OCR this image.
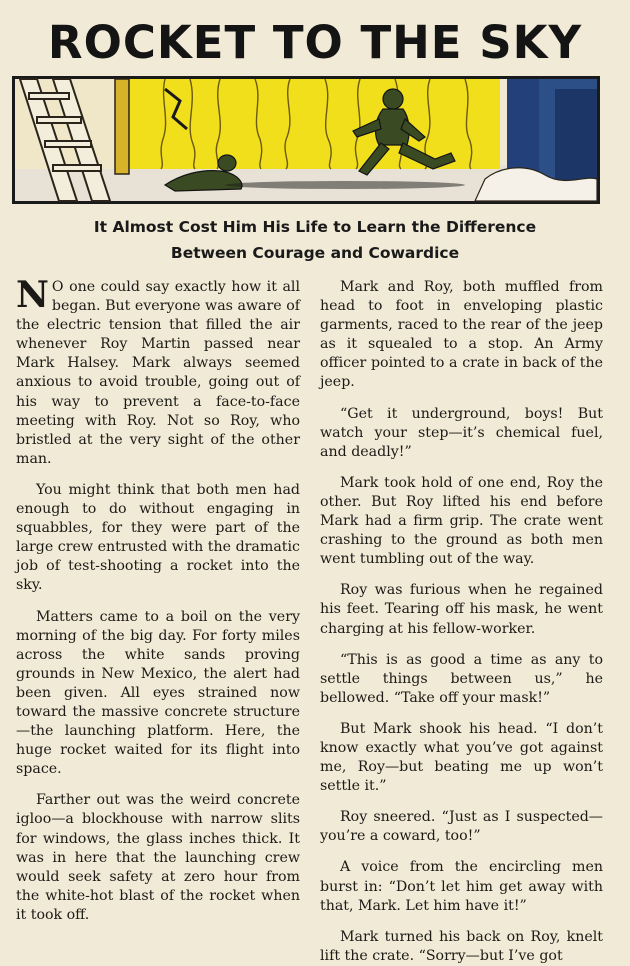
ROCKET TO THE SKY
It Almost Cost Him His Life to Learn the Difference
Between Courage and Cowardice

N O one could say exactly how it all began. But everyone was aware of the electric tension that filled the air whenever Roy Martin passed near Mark Halsey. Mark always seemed anxious to avoid trouble, going out of his way to prevent a face-to-face meeting with Roy. Not so Roy, who bristled at the very sight of the other man.

You might think that both men had enough to do without engaging in squabbles, for they were part of the large crew entrusted with the dramatic job of test-shooting a rocket into the sky.

Matters came to a boil on the very morning of the big day. For forty miles across the white sands proving grounds in New Mexico, the alert had been given. All eyes strained now toward the massive concrete structure—the launching platform. Here, the huge rocket waited for its flight into space.

Farther out was the weird concrete igloo—a blockhouse with narrow slits for windows, the glass inches thick. It was in here that the launching crew would seek safety at zero hour from the white-hot blast of the rocket when it took off.

Mark and Roy, both muffled from head to foot in enveloping plastic garments, raced to the rear of the jeep as it squealed to a stop. An Army officer pointed to a crate in back of the jeep.

“Get it underground, boys! But watch your step—it’s chemical fuel, and deadly!”

Mark took hold of one end, Roy the other. But Roy lifted his end before Mark had a firm grip. The crate went crashing to the ground as both men went tumbling out of the way.

Roy was furious when he regained his feet. Tearing off his mask, he went charging at his fellow-worker.

“This is as good a time as any to settle things between us,” he bellowed. “Take off your mask!”

But Mark shook his head. “I don’t know exactly what you’ve got against me, Roy—but beating me up won’t settle it.”

Roy sneered. “Just as I suspected—you’re a coward, too!”

A voice from the encircling men burst in: “Don’t let him get away with that, Mark. Let him have it!”

Mark turned his back on Roy, knelt lift the crate. “Sorry—but I’ve got
